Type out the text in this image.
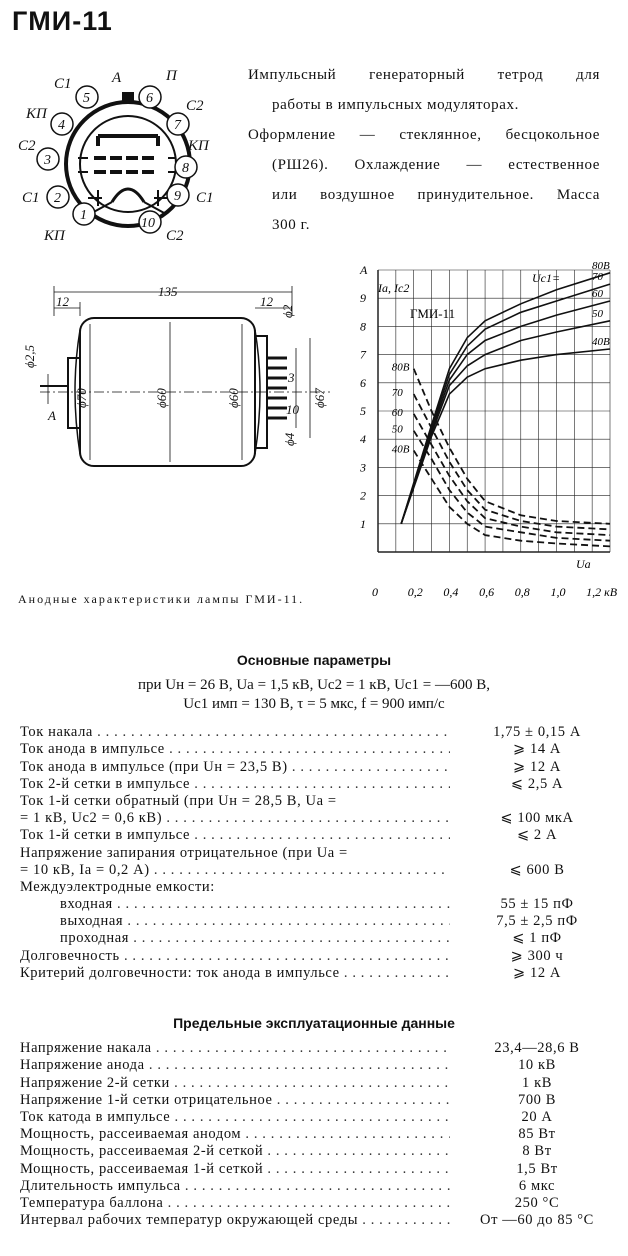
ГМИ-11
Импульсный генераторный тетрод для
работы в импульсных модуляторах.
Оформление — стеклянное, бесцокольное
(РШ26). Охлаждение — естественное
или воздушное принудительное. Масса
300 г.
5	6
4	7
3
8
2	9
1
10
А	П
C1
C2
КП
КП
C2
C1
C1
C2
КП
135
12	12
ϕ2
ϕ2,5
ϕ70	ϕ60	ϕ60	ϕ67
ϕ4
3
10
A
Анодные характеристики лампы ГМИ-11.
80В
70
60
50
40В
80В
70
60
50
40В
0 0,2 0,4 0,6 0,8 1,0 1,2 кВ
1
2
3
4
5
6
7
8
9
A
Ia, Ic2
ГМИ-11
Uc1=
Ua
Основные параметры
при Uн = 26 В, Uа = 1,5 кВ, Uс2 = 1 кВ, Uс1 = —600 В,
Uс1 имп = 130 В, τ = 5 мкс, f = 900 имп/с
Ток накала . . .	1,75 ± 0,15 А

Ток анода в импульсе . . .	⩾ 14 А

Ток анода в импульсе (при Uн = 23,5 В) . . .	⩾ 12 А

Ток 2-й сетки в импульсе . . .	⩽ 2,5 А

Ток 1-й сетки обратный (при Uн = 28,5 В, Uа =	

= 1 кВ, Uс2 = 0,6 кВ) . . .	⩽ 100 мкА

Ток 1-й сетки в импульсе . . .	⩽ 2 А

Напряжение запирания отрицательное (при Uа =	

= 10 кВ, Iа = 0,2 А) . . .	⩽ 600 В

Междуэлектродные емкости:	

входная . . .	55 ± 15 пФ

выходная . . .	7,5 ± 2,5 пФ

проходная . . .	⩽ 1 пФ

Долговечность . . .	⩾ 300 ч

Критерий долговечности: ток анода в импульсе . . .	⩾ 12 А
Предельные эксплуатационные данные
Напряжение накала . . .	23,4—28,6 В

Напряжение анода . . .	10 кВ

Напряжение 2-й сетки . . .	1 кВ

Напряжение 1-й сетки отрицательное . . .	700 В

Ток катода в импульсе . . .	20 А

Мощность, рассеиваемая анодом . . .	85 Вт

Мощность, рассеиваемая 2-й сеткой . . .	8 Вт

Мощность, рассеиваемая 1-й сеткой . . .	1,5 Вт

Длительность импульса . . .	6 мкс

Температура баллона . . .	250 °C

Интервал рабочих температур окружающей среды . . .	От —60 до 85 °C
